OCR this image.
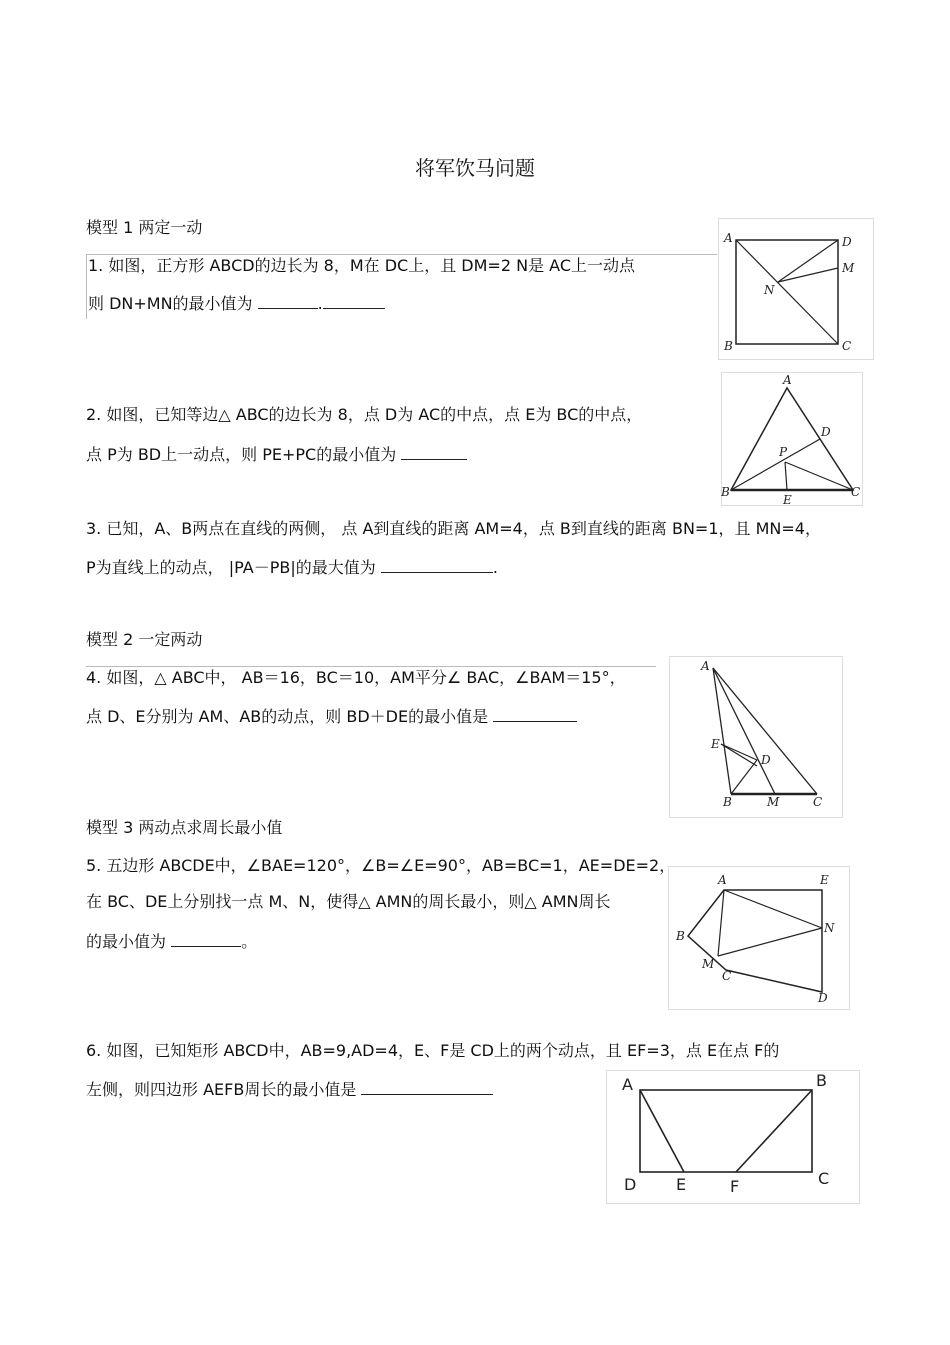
将军饮马问题
模型 1 两定一动
1. 如图，正方形 ABCD的边长为 8，M在 DC上，且 DM=2 N是 AC上一动点
则 DN+MN的最小值为	.
A	D
M
N
B	C
2. 如图，已知等边△ ABC的边长为 8，点 D为 AC的中点，点 E为 BC的中点，
点 P为 BD上一动点，则 PE+PC的最小值为
A
D
P
B
E
C
3. 已知，A、B两点在直线的两侧， 点 A到直线的距离 AM=4，点 B到直线的距离 BN=1，且 MN=4，
P为直线上的动点， |PA－PB|的最大值为	.
模型 2 一定两动
4. 如图，△ ABC中， AB＝16，BC＝10，AM平分∠ BAC，∠BAM＝15°，
点 D、E分别为 AM、AB的动点，则 BD＋DE的最小值是
A
E
D
B	M	C
模型 3 两动点求周长最小值
5. 五边形 ABCDE中，∠BAE=120°，∠B=∠E=90°，AB=BC=1，AE=DE=2，
在 BC、DE上分别找一点 M、N，使得△ AMN的周长最小，则△ AMN周长
的最小值为	。
A	E
B
N
M
C
D
6. 如图，已知矩形 ABCD中，AB=9,AD=4，E、F是 CD上的两个动点，且 EF=3，点 E在点 F的
左侧，则四边形 AEFB周长的最小值是	A	B
D E	F	C
